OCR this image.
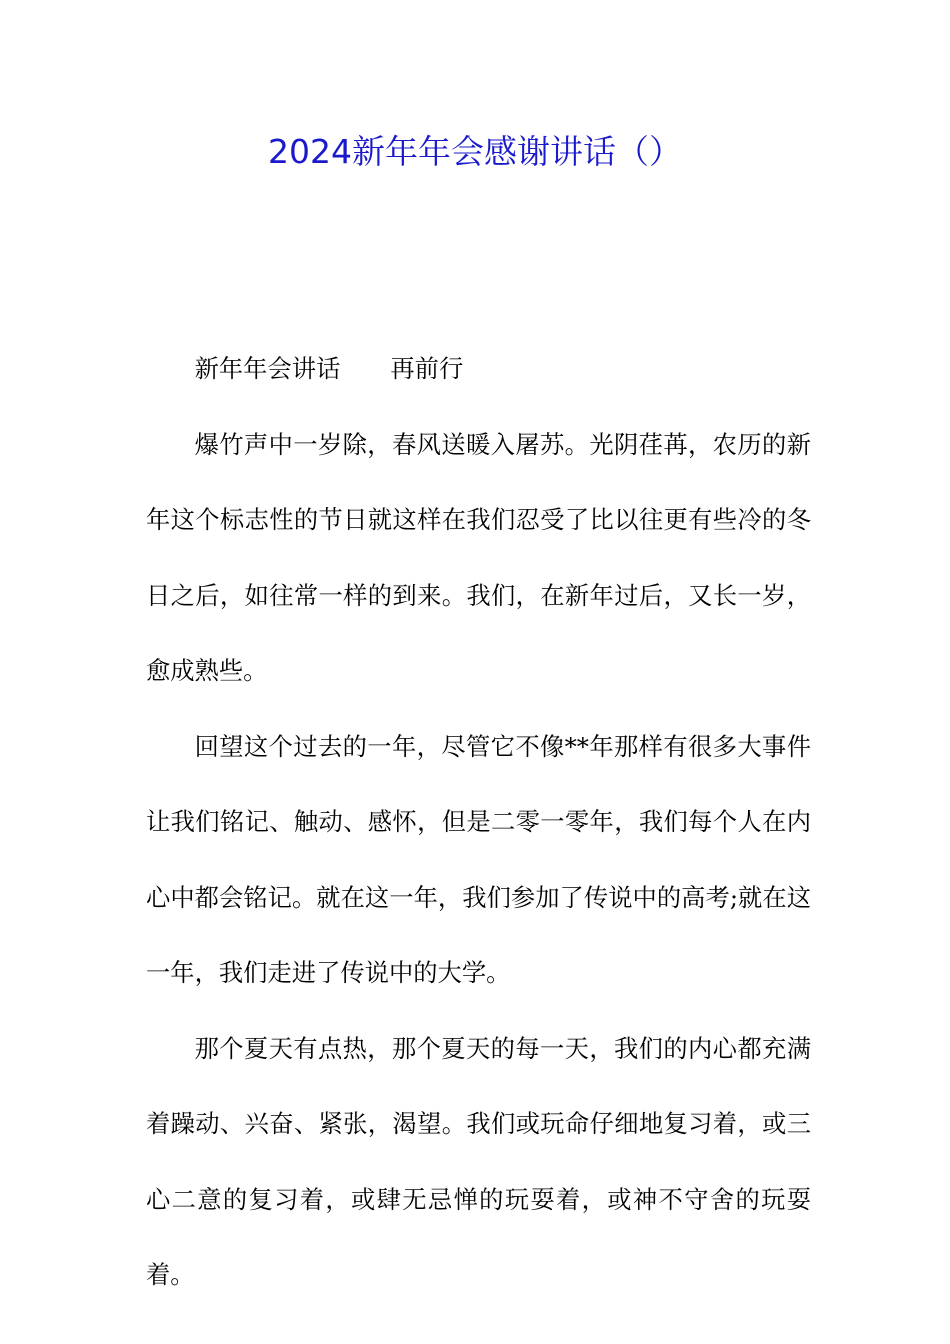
2024新年年会感谢讲话（）

新年年会讲话 再前行

爆竹声中一岁除，春风送暖入屠苏。光阴荏苒，农历的新年这个标志性的节日就这样在我们忍受了比以往更有些冷的冬日之后，如往常一样的到来。我们，在新年过后，又长一岁，愈成熟些。

回望这个过去的一年，尽管它不像**年那样有很多大事件让我们铭记、触动、感怀，但是二零一零年，我们每个人在内心中都会铭记。就在这一年，我们参加了传说中的高考;就在这一年，我们走进了传说中的大学。

那个夏天有点热，那个夏天的每一天，我们的内心都充满着躁动、兴奋、紧张，渴望。我们或玩命仔细地复习着，或三心二意的复习着，或肆无忌惮的玩耍着，或神不守舍的玩耍着。
